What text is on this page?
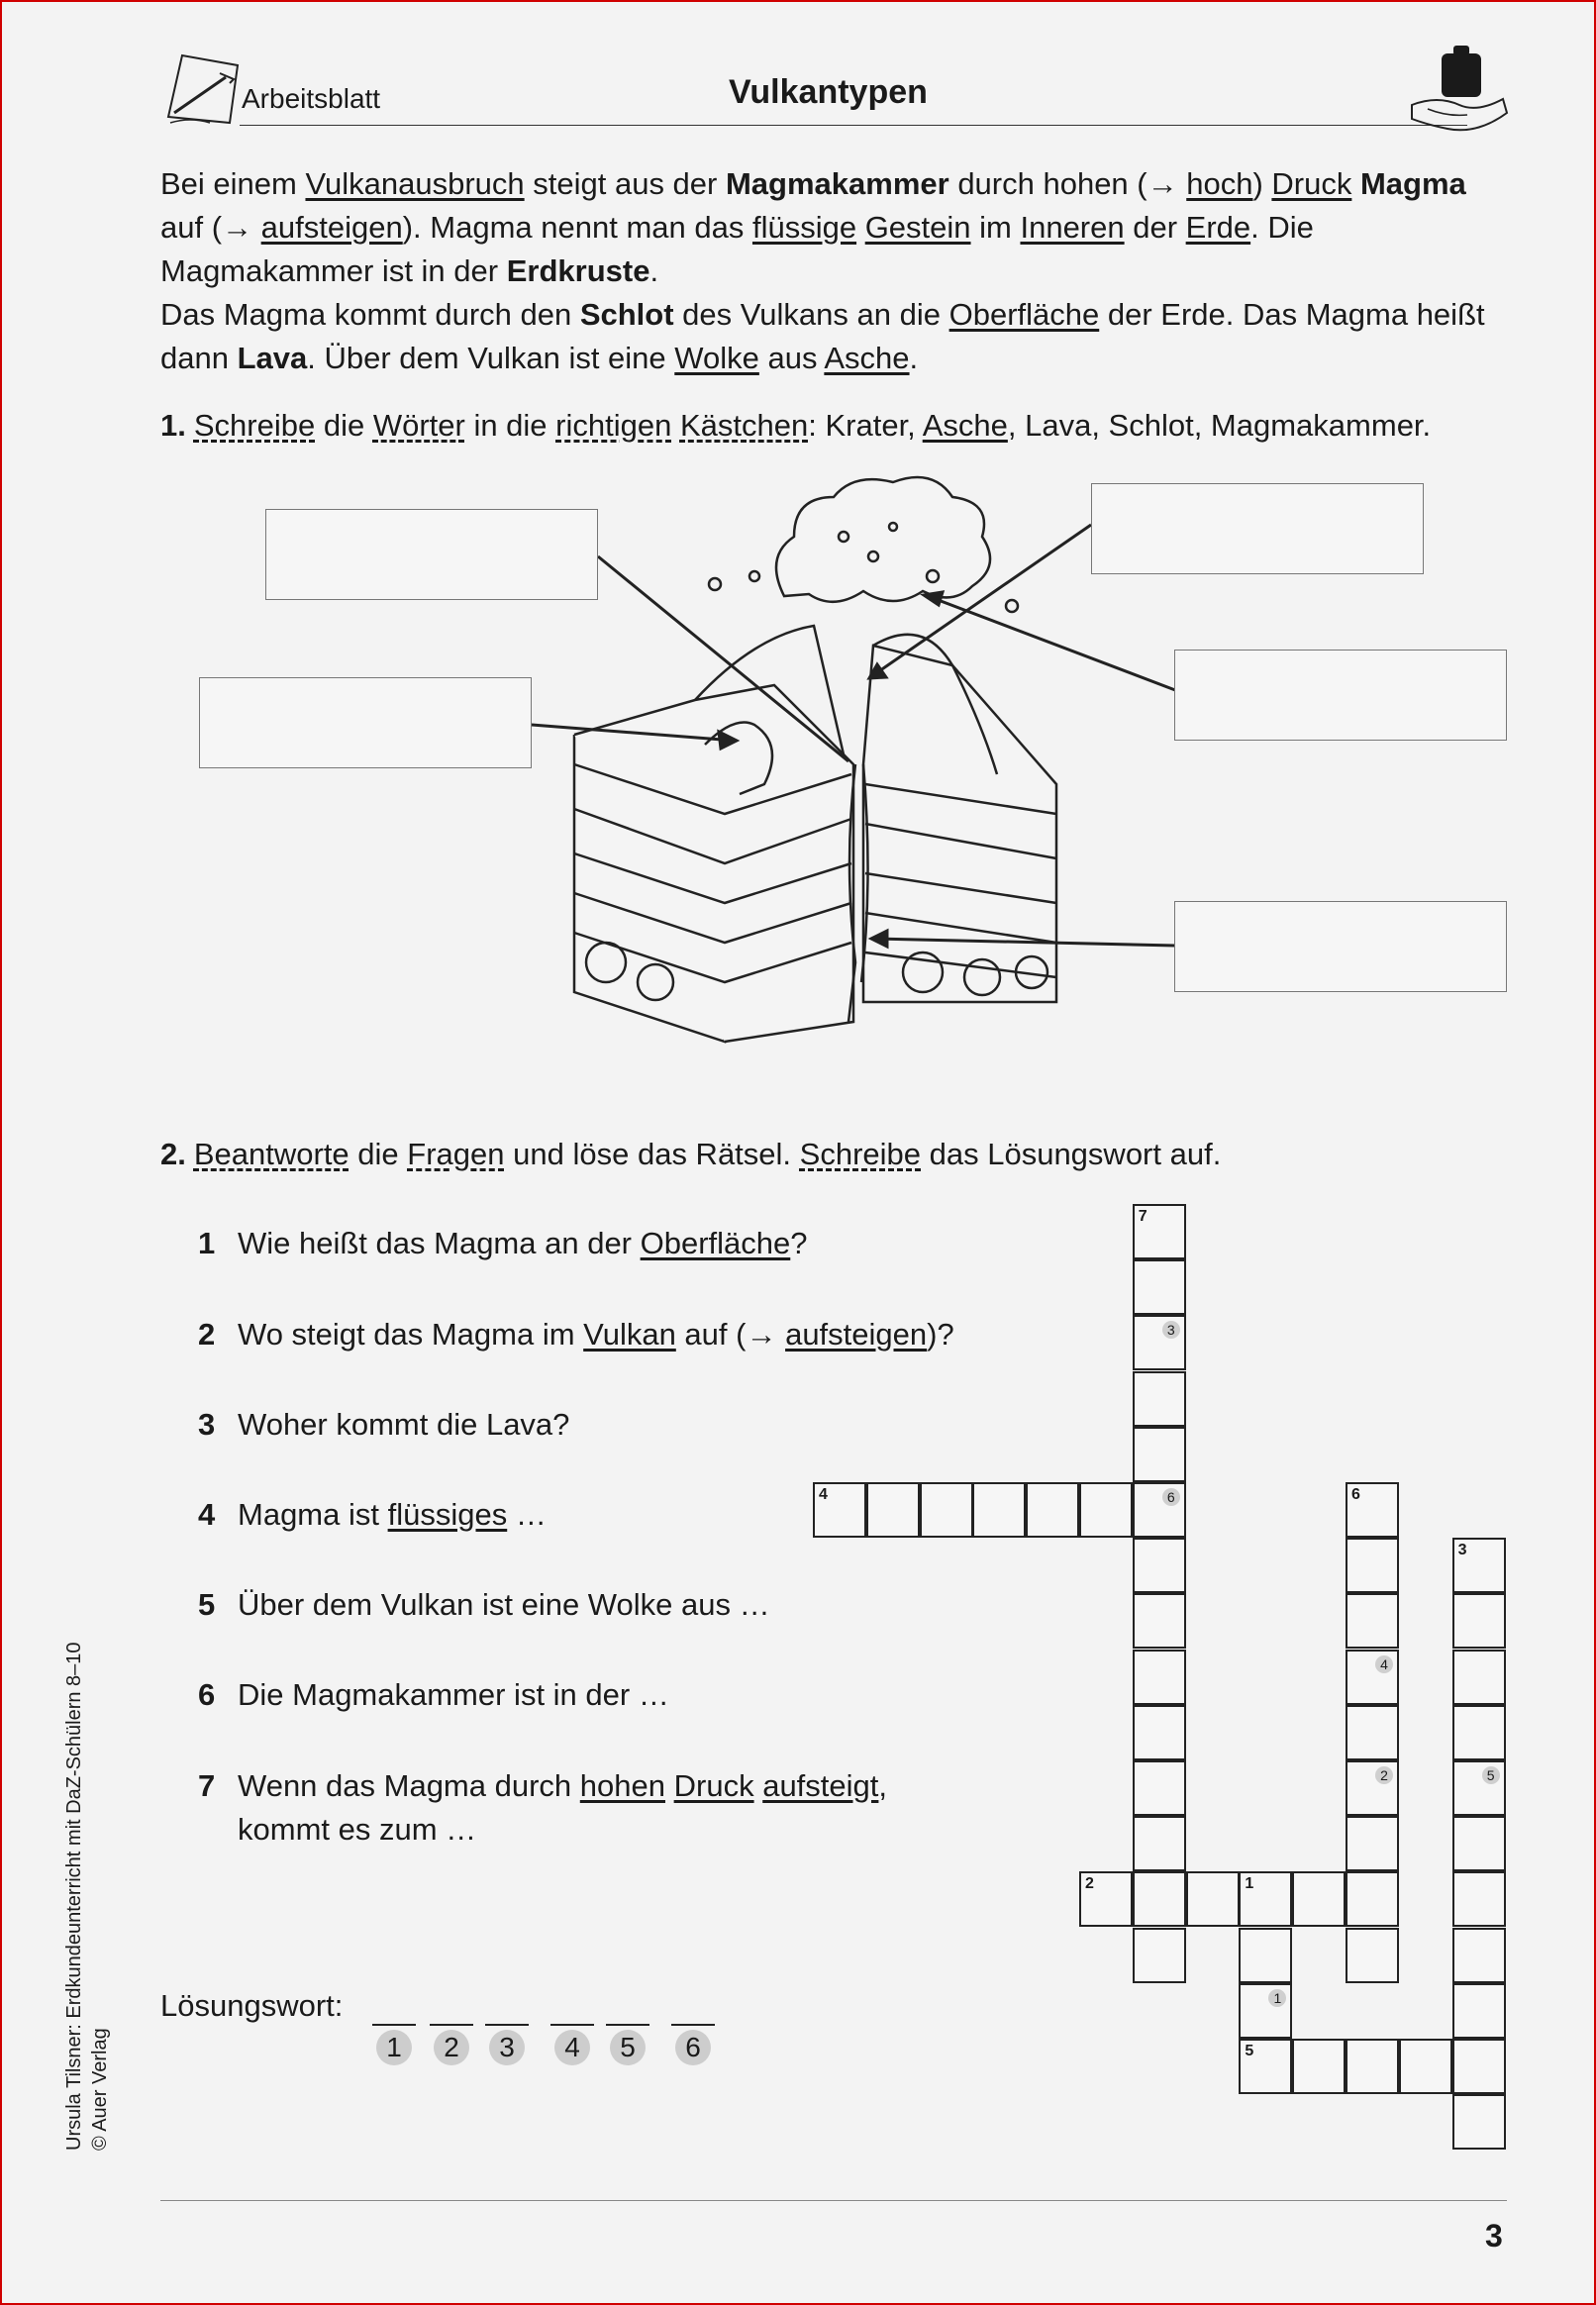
Arbeitsblatt	Vulkantypen

Bei einem Vulkanausbruch steigt aus der Magmakammer durch hohen (→ hoch) Druck Magma auf (→ aufsteigen). Magma nennt man das flüssige Gestein im Inneren der Erde. Die Magmakammer ist in der Erdkruste.

Das Magma kommt durch den Schlot des Vulkans an die Oberfläche der Erde. Das Magma heißt dann Lava. Über dem Vulkan ist eine Wolke aus Asche.

1. Schreibe die Wörter in die richtigen Kästchen: Krater, Asche, Lava, Schlot, Magmakammer.
2. Beantworte die Fragen und löse das Rätsel. Schreibe das Lösungswort auf.
1 Wie heißt das Magma an der Oberfläche?
2 Wo steigt das Magma im Vulkan auf (→ aufsteigen)?
3 Woher kommt die Lava?
4 Magma ist flüssiges …
5 Über dem Vulkan ist eine Wolke aus …
6 Die Magmakammer ist in der …
7 Wenn das Magma durch hohen Druck aufsteigt,
kommt es zum …
7
3
6
4	6
4
2
3
5
2	1
1
5
Lösungswort:
1	2	3	4	5	6
Ursula Tilsner: Erdkundeunterricht mit DaZ-Schülern 8–10 © Auer Verlag
3
